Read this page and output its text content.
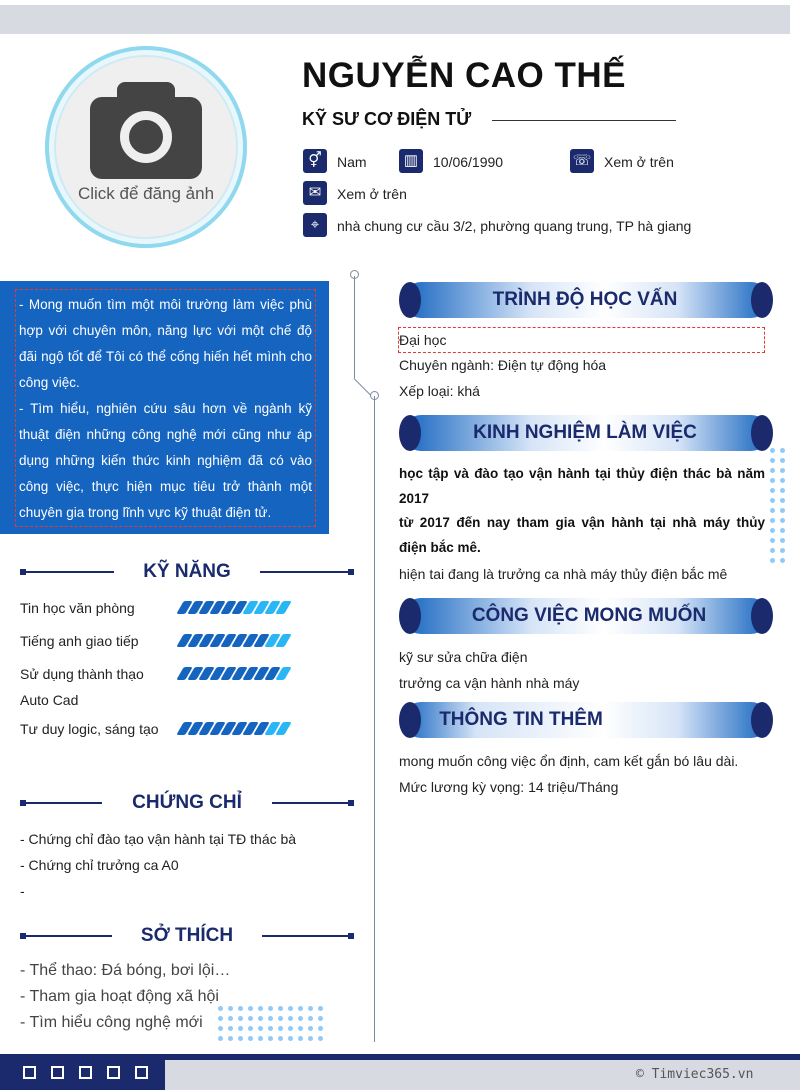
Click để đăng ảnh
NGUYỄN CAO THẾ
KỸ SƯ CƠ ĐIỆN TỬ
⚥	Nam	▥	10/06/1990	☏ Xem ở trên
✉	Xem ở trên
⌖	nhà chung cư cầu 3/2, phường quang trung, TP hà giang
- Mong muốn tìm một môi trường làm việc phù hợp với chuyên môn, năng lực với một chế độ đãi ngộ tốt để Tôi có thể cống hiến hết mình cho công việc.
- Tìm hiểu, nghiên cứu sâu hơn về ngành kỹ thuật điện những công nghệ mới cũng như áp dụng những kiến thức kinh nghiệm đã có vào công việc, thực hiện mục tiêu trở thành một chuyên gia trong lĩnh vực kỹ thuật điện tử.
KỸ NĂNG
Tin học văn phòng
Tiếng anh giao tiếp
Sử dụng thành thạo Auto Cad
Tư duy logic, sáng tạo
CHỨNG CHỈ
- Chứng chỉ đào tạo vận hành tại TĐ thác bà
- Chứng chỉ trưởng ca A0
-
SỞ THÍCH
- Thể thao: Đá bóng, bơi lội…
- Tham gia hoạt động xã hội
- Tìm hiểu công nghệ mới
TRÌNH ĐỘ HỌC VẤN
Đại học
Chuyên ngành: Điện tự động hóa
Xếp loại: khá
KINH NGHIỆM LÀM VIỆC
học tập và đào tạo vận hành tại thủy điện thác bà năm 2017
từ 2017 đến nay tham gia vận hành tại nhà máy thủy điện bắc mê.
hiện tai đang là trưởng ca nhà máy thủy điện bắc mê
CÔNG VIỆC MONG MUỐN
kỹ sư sửa chữa điện
trưởng ca vận hành nhà máy
THÔNG TIN THÊM
mong muốn công việc ổn định, cam kết gắn bó lâu dài.
Mức lương kỳ vọng: 14 triệu/Tháng
© Timviec365.vn
